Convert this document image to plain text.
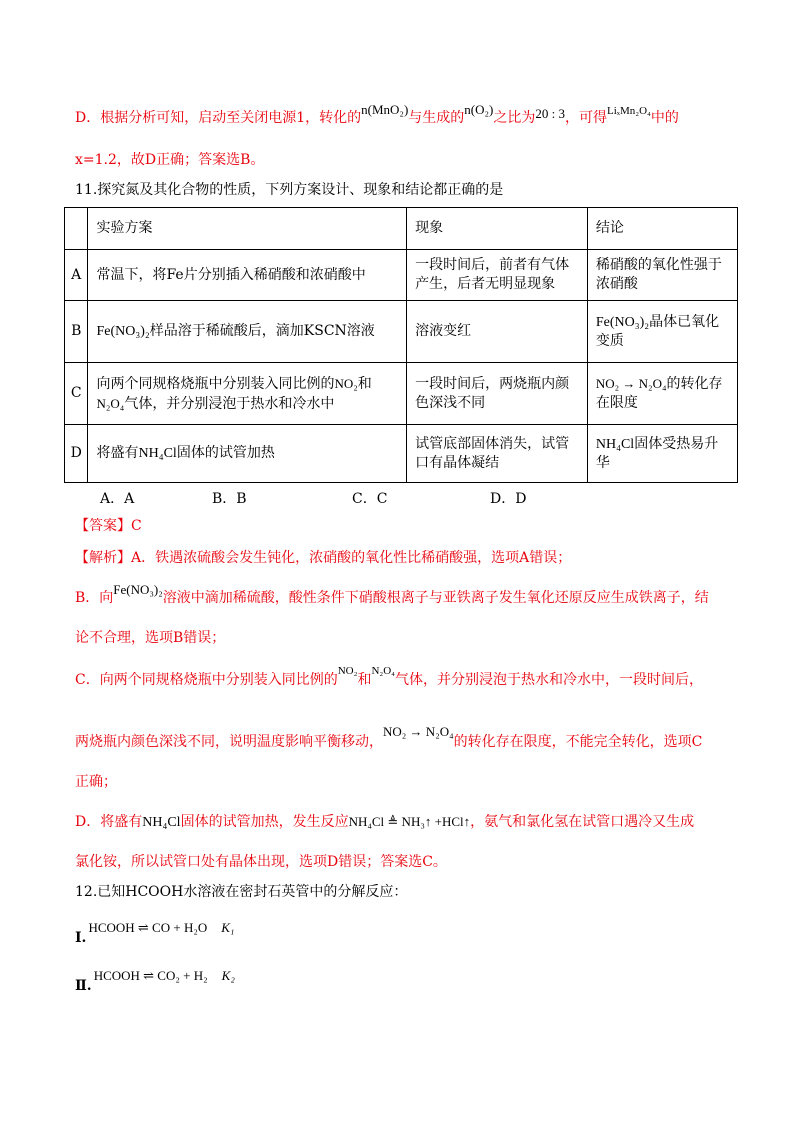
D．根据分析可知，启动至关闭电源1，转化的n(MnO₂)与生成的n(O₂)之比为20 : 3，可得$^{Li_xMn_2O_4}$中的
x=1.2，故D正确；答案选B。
11.探究氮及其化合物的性质，下列方案设计、现象和结论都正确的是
	实验方案	现象	结论
A	常温下，将Fe片分别插入稀硝酸和浓硝酸中	一段时间后，前者有气体产生，后者无明显现象	稀硝酸的氧化性强于浓硝酸
B	Fe(NO₃)₂样品溶于稀硫酸后，滴加KSCN溶液	溶液变红	Fe(NO₃)₂晶体已氧化变质
C	向两个同规格烧瓶中分别装入同比例的NO₂和
N₂O₄气体，并分别浸泡于热水和冷水中	一段时间后，两烧瓶内颜色深浅不同	NO₂ → N₂O₄的转化存在限度
D	将盛有NH₄Cl固体的试管加热	试管底部固体消失，试管口有晶体凝结	NH₄Cl固体受热易升华
A．A	B．B	C．C	D．D
【答案】C
【解析】A．铁遇浓硫酸会发生钝化，浓硝酸的氧化性比稀硝酸强，选项A错误；
B．向Fe(NO₃)₂溶液中滴加稀硫酸，酸性条件下硝酸根离子与亚铁离子发生氧化还原反应生成铁离子，结
论不合理，选项B错误；
C．向两个同规格烧瓶中分别装入同比例的$^{NO_2}$和$^{N_2O_4}$气体，并分别浸泡于热水和冷水中，一段时间后，
两烧瓶内颜色深浅不同，说明温度影响平衡移动，NO₂ → N₂O₄的转化存在限度，不能完全转化，选项C
正确；
D．将盛有NH₄Cl固体的试管加热，发生反应NH₄Cl ≜ NH₃↑ +HCl↑，氨气和氯化氢在试管口遇冷又生成
氯化铵，所以试管口处有晶体出现，选项D错误；答案选C。
12.已知HCOOH水溶液在密封石英管中的分解反应：
Ⅰ.HCOOH ⇌ CO + H₂O K₁
Ⅱ.HCOOH ⇌ CO₂ + H₂ K₂
